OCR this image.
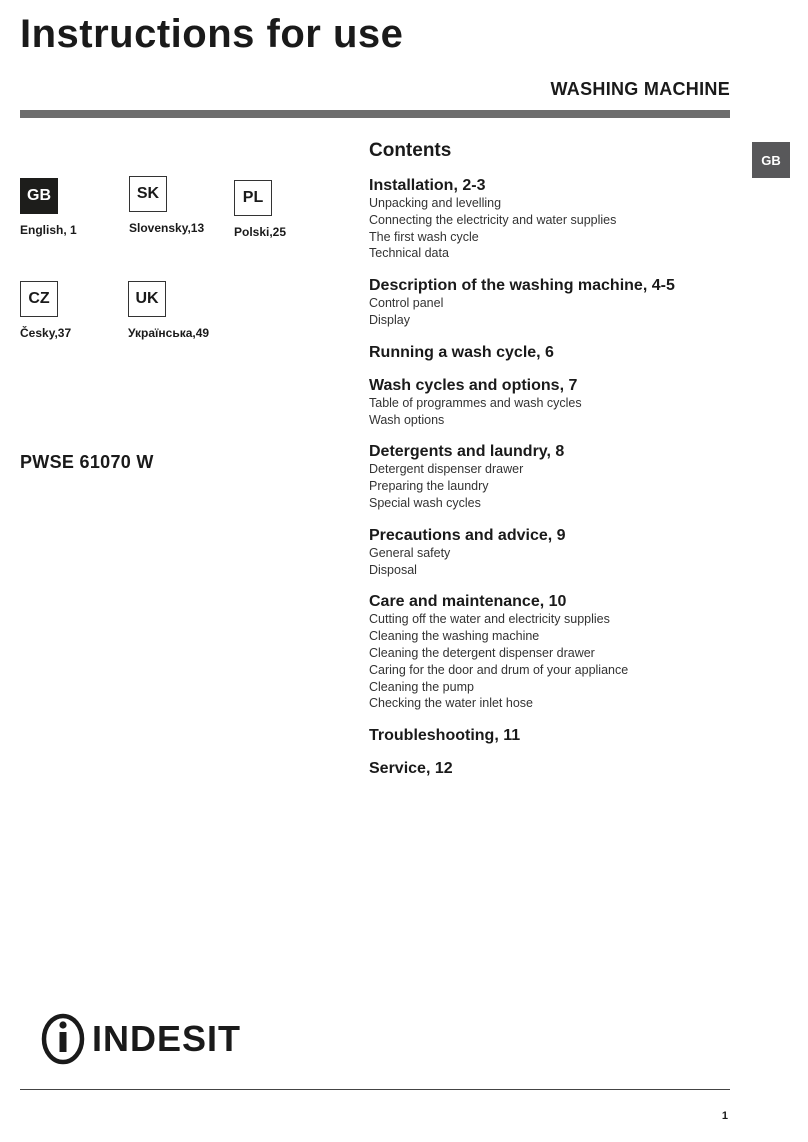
Instructions for use
WASHING MACHINE
GB
GB
English, 1
SK
Slovensky,13
PL
Polski,25
CZ
Česky,37
UK
Українська,49
PWSE 61070 W
Contents
Installation, 2-3
Unpacking and levelling
Connecting the electricity and water supplies
The first wash cycle
Technical data
Description of the washing machine, 4-5
Control panel
Display
Running a wash cycle, 6
Wash cycles and options, 7
Table of programmes and wash cycles
Wash options
Detergents and laundry, 8
Detergent dispenser drawer
Preparing the laundry
Special wash cycles
Precautions and advice, 9
General safety
Disposal
Care and maintenance, 10
Cutting off the water and electricity supplies
Cleaning the washing machine
Cleaning the detergent dispenser drawer
Caring for the door and drum of your appliance
Cleaning the pump
Checking the water inlet hose
Troubleshooting, 11
Service, 12
INDESIT
1
